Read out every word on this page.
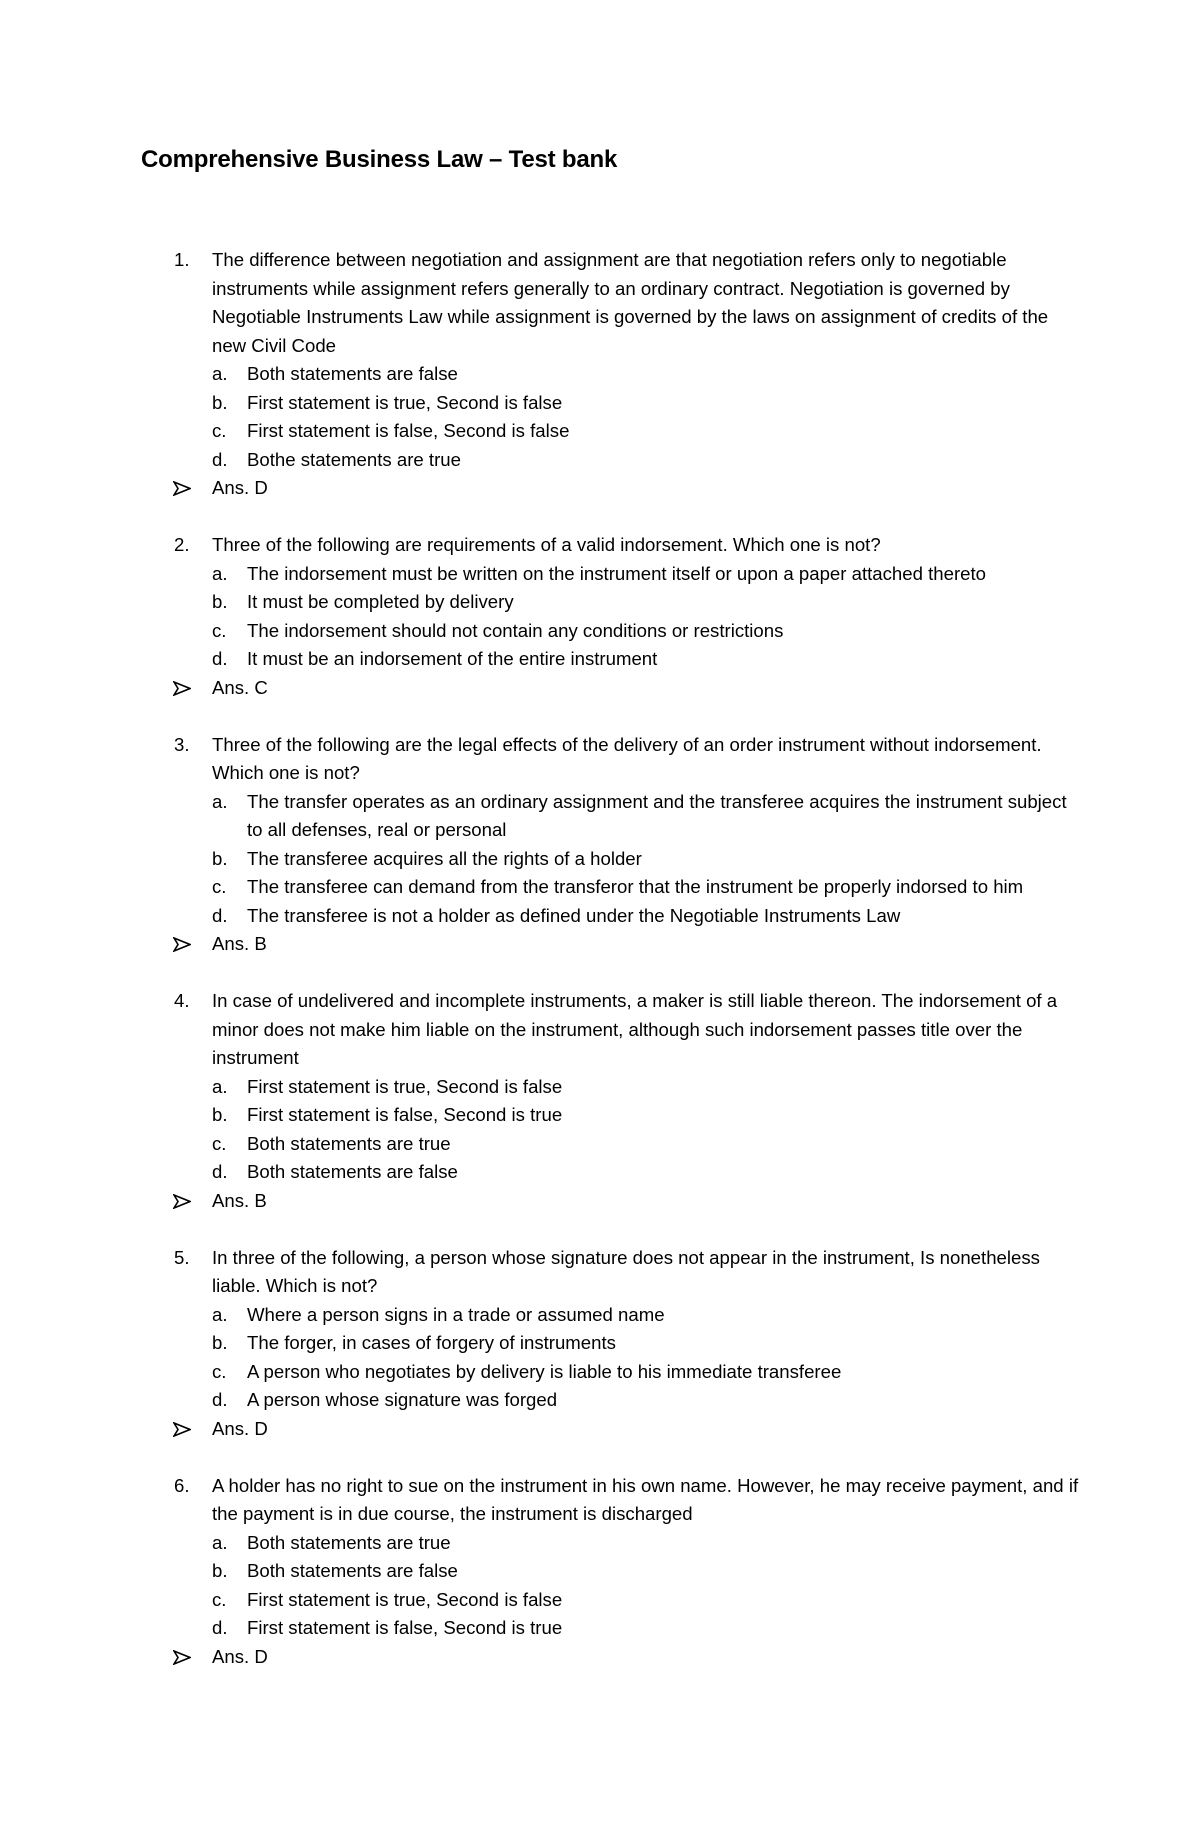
Comprehensive Business Law – Test bank
1. The difference between negotiation and assignment are that negotiation refers only to negotiable instruments while assignment refers generally to an ordinary contract. Negotiation is governed by Negotiable Instruments Law while assignment is governed by the laws on assignment of credits of the new Civil Code
a. Both statements are false
b. First statement is true, Second is false
c. First statement is false, Second is false
d. Bothe statements are true
Ans. D
2. Three of the following are requirements of a valid indorsement. Which one is not?
a. The indorsement must be written on the instrument itself or upon a paper attached thereto
b. It must be completed by delivery
c. The indorsement should not contain any conditions or restrictions
d. It must be an indorsement of the entire instrument
Ans. C
3. Three of the following are the legal effects of the delivery of an order instrument without indorsement. Which one is not?
a. The transfer operates as an ordinary assignment and the transferee acquires the instrument subject to all defenses, real or personal
b. The transferee acquires all the rights of a holder
c. The transferee can demand from the transferor that the instrument be properly indorsed to him
d. The transferee is not a holder as defined under the Negotiable Instruments Law
Ans. B
4. In case of undelivered and incomplete instruments, a maker is still liable thereon. The indorsement of a minor does not make him liable on the instrument, although such indorsement passes title over the instrument
a. First statement is true, Second is false
b. First statement is false, Second is true
c. Both statements are true
d. Both statements are false
Ans. B
5. In three of the following, a person whose signature does not appear in the instrument, Is nonetheless liable. Which is not?
a. Where a person signs in a trade or assumed name
b. The forger, in cases of forgery of instruments
c. A person who negotiates by delivery is liable to his immediate transferee
d. A person whose signature was forged
Ans. D
6. A holder has no right to sue on the instrument in his own name. However, he may receive payment, and if the payment is in due course, the instrument is discharged
a. Both statements are true
b. Both statements are false
c. First statement is true, Second is false
d. First statement is false, Second is true
Ans. D
